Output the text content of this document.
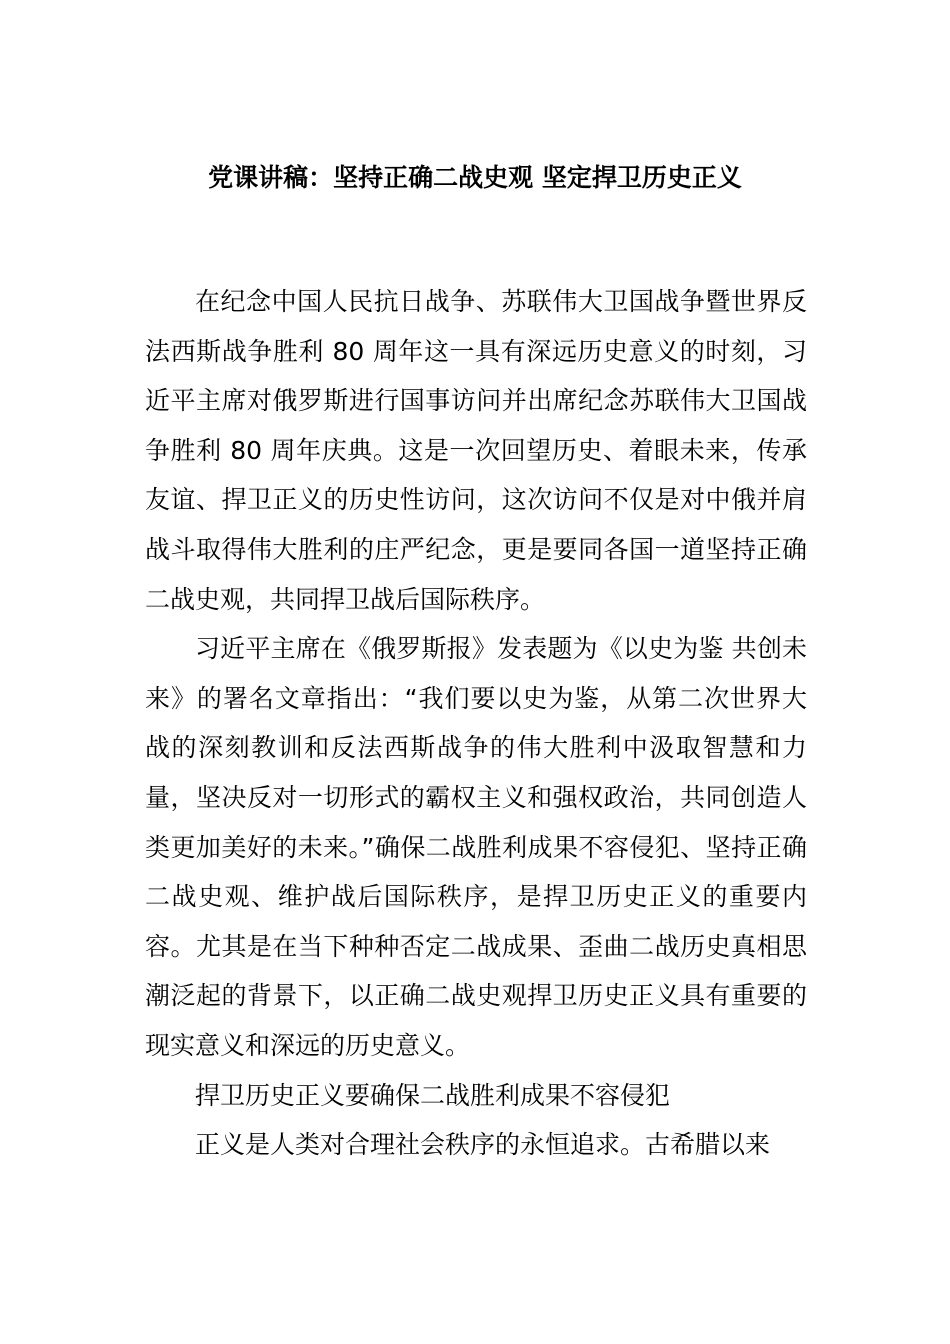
党课讲稿：坚持正确二战史观 坚定捍卫历史正义

在纪念中国人民抗日战争、苏联伟大卫国战争暨世界反法西斯战争胜利 80 周年这一具有深远历史意义的时刻，习近平主席对俄罗斯进行国事访问并出席纪念苏联伟大卫国战争胜利 80 周年庆典。这是一次回望历史、着眼未来，传承友谊、捍卫正义的历史性访问，这次访问不仅是对中俄并肩战斗取得伟大胜利的庄严纪念，更是要同各国一道坚持正确二战史观，共同捍卫战后国际秩序。

习近平主席在《俄罗斯报》发表题为《以史为鉴 共创未来》的署名文章指出：“我们要以史为鉴，从第二次世界大战的深刻教训和反法西斯战争的伟大胜利中汲取智慧和力量，坚决反对一切形式的霸权主义和强权政治，共同创造人类更加美好的未来。”确保二战胜利成果不容侵犯、坚持正确二战史观、维护战后国际秩序，是捍卫历史正义的重要内容。尤其是在当下种种否定二战成果、歪曲二战历史真相思潮泛起的背景下，以正确二战史观捍卫历史正义具有重要的现实意义和深远的历史意义。

捍卫历史正义要确保二战胜利成果不容侵犯

正义是人类对合理社会秩序的永恒追求。古希腊以来
